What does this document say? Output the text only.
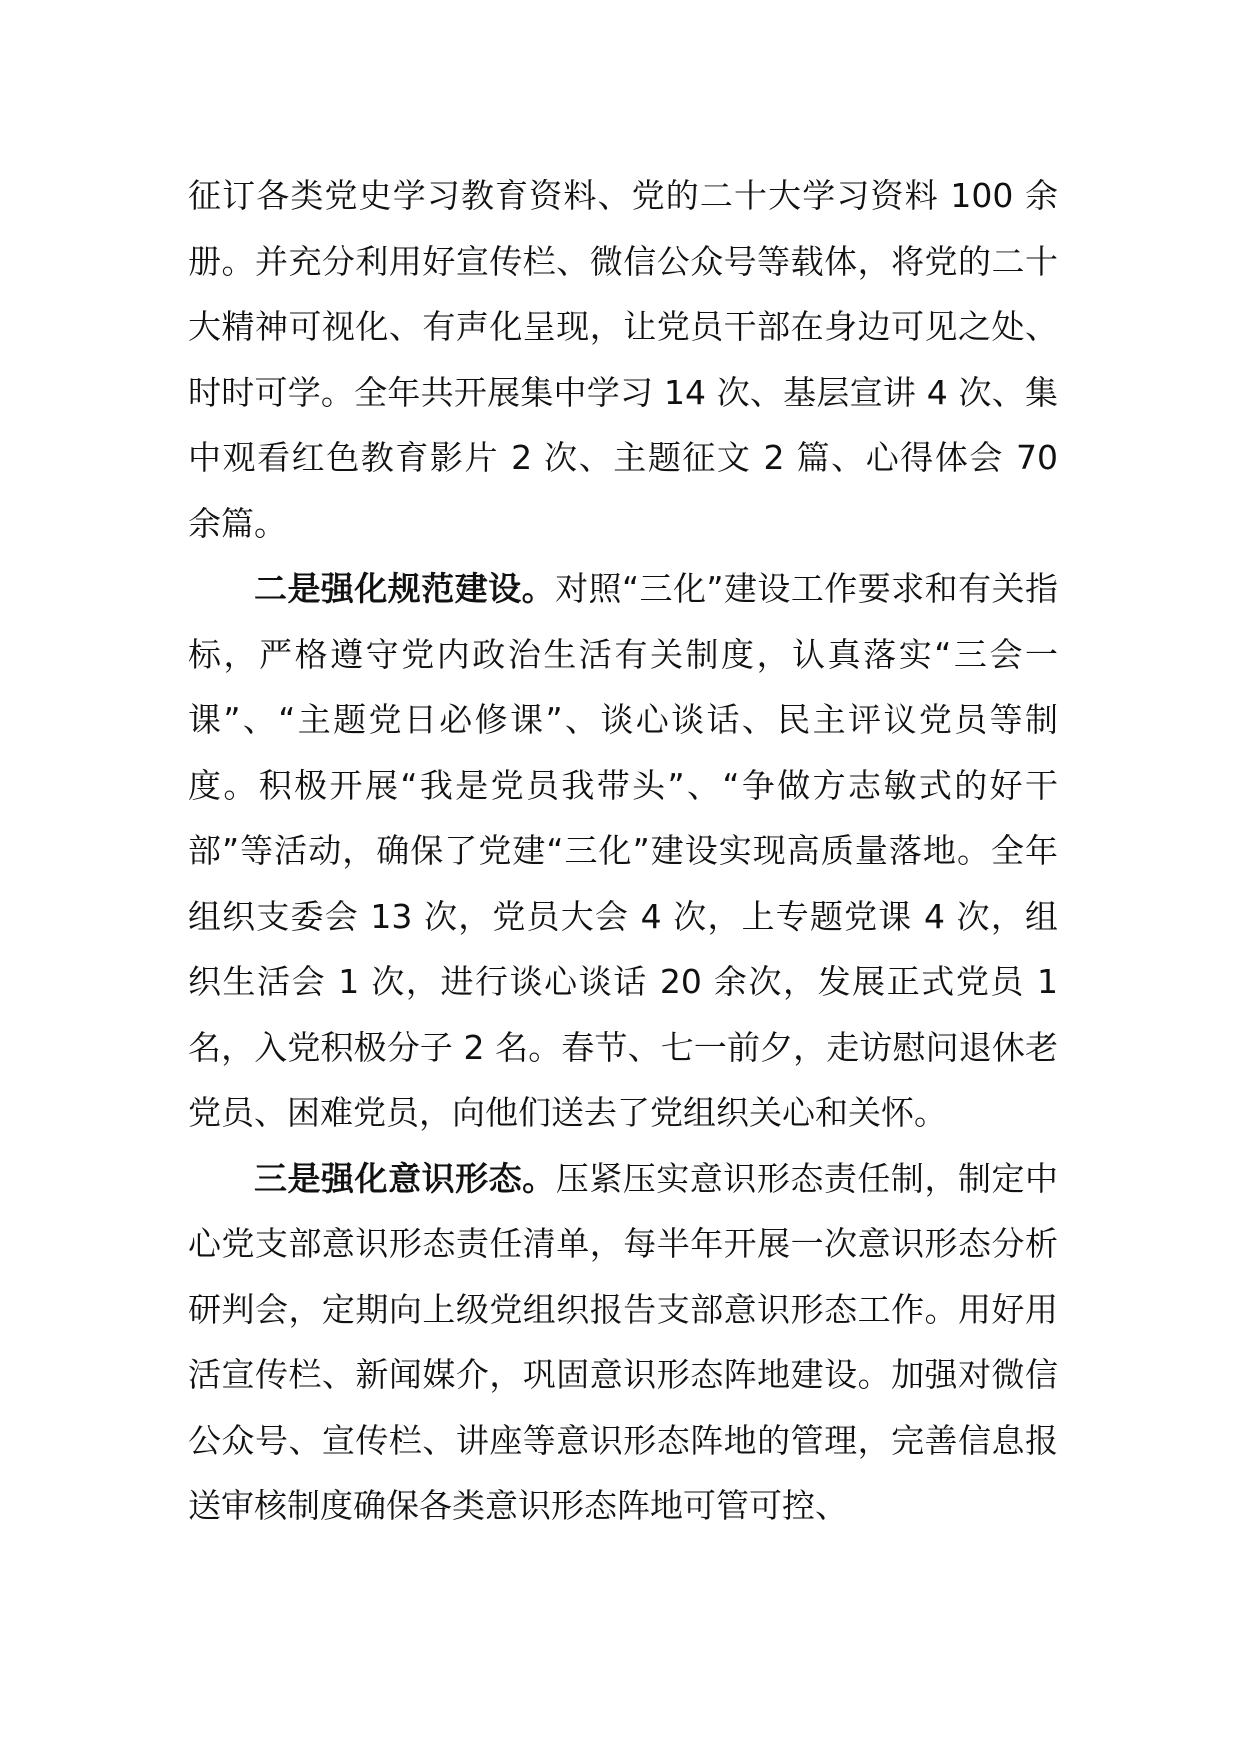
征订各类党史学习教育资料、党的二十大学习资料 100 余册。并充分利用好宣传栏、微信公众号等载体，将党的二十大精神可视化、有声化呈现，让党员干部在身边可见之处、时时可学。全年共开展集中学习 14 次、基层宣讲 4 次、集中观看红色教育影片 2 次、主题征文 2 篇、心得体会 70 余篇。

二是强化规范建设。对照“三化”建设工作要求和有关指标，严格遵守党内政治生活有关制度，认真落实“三会一课”、“主题党日必修课”、谈心谈话、民主评议党员等制度。积极开展“我是党员我带头”、“争做方志敏式的好干部”等活动，确保了党建“三化”建设实现高质量落地。全年组织支委会 13 次，党员大会 4 次，上专题党课 4 次，组织生活会 1 次，进行谈心谈话 20 余次，发展正式党员 1 名，入党积极分子 2 名。春节、七一前夕，走访慰问退休老党员、困难党员，向他们送去了党组织关心和关怀。

三是强化意识形态。压紧压实意识形态责任制，制定中心党支部意识形态责任清单，每半年开展一次意识形态分析研判会，定期向上级党组织报告支部意识形态工作。用好用活宣传栏、新闻媒介，巩固意识形态阵地建设。加强对微信公众号、宣传栏、讲座等意识形态阵地的管理，完善信息报送审核制度确保各类意识形态阵地可管可控、
